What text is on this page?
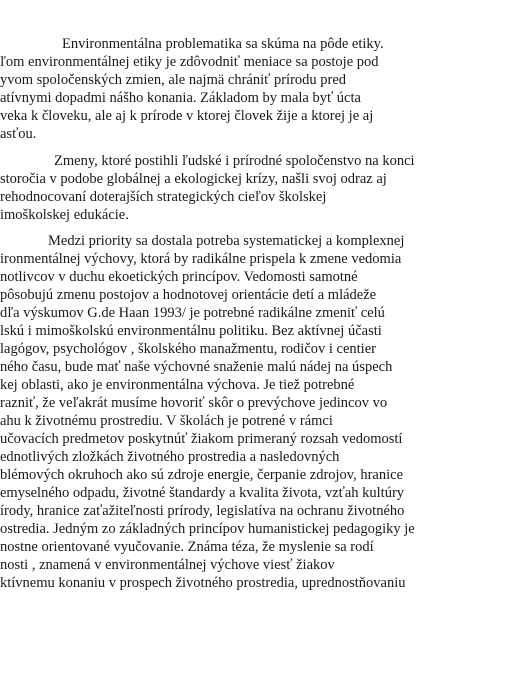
Environmentálna problematika sa skúma na pôde etiky.
ľom environmentálnej etiky je zdôvodniť meniace sa postoje pod
yvom spoločenských zmien, ale najmä chrániť prírodu pred
atívnymi dopadmi nášho konania. Základom by mala byť úcta
veka k človeku, ale aj k prírode v ktorej človek žije a ktorej je aj
asťou.
Zmeny, ktoré postihli ľudské i prírodné spoločenstvo na konci
storočia v podobe globálnej a ekologickej krízy, našli svoj odraz aj
rehodnocovaní doterajších strategických cieľov školskej
imoškolskej edukácie.
Medzi priority sa dostala potreba systematickej a komplexnej
ironmentálnej výchovy, ktorá by radikálne prispela k zmene vedomia
notlivcov v duchu ekoetických princípov. Vedomosti samotné
pôsobujú zmenu postojov a hodnotovej orientácie detí a mládeže
dľa výskumov G.de Haan 1993/ je potrebné radikálne zmeniť celú
lskú i mimoškolskú environmentálnu politiku. Bez aktívnej účasti
lagógov, psychológov , školského manažmentu, rodičov i centier
ného času, bude mať naše výchovné snaženie malú nádej na úspech
kej oblasti, ako je environmentálna výchova. Je tiež potrebné
razniť, že veľakrát musíme hovoriť skôr o prevýchove jedincov vo
ahu k životnému prostrediu. V školách je potrené v rámci
učovacích predmetov poskytnúť žiakom primeraný rozsah vedomostí
ednotlivých zložkách životného prostredia a nasledovných
blémových okruhoch ako sú zdroje energie, čerpanie zdrojov, hranice
emyselného odpadu, životné štandardy a kvalita života, vzťah kultúry
írody, hranice zaťažiteľnosti prírody, legislatíva na ochranu životného
ostredia. Jedným zo základných princípov humanistickej pedagogiky je
nostne orientované vyučovanie. Známa téza, že myslenie sa rodí
nosti , znamená v environmentálnej výchove viesť žiakov
ktívnemu konaniu v prospech životného prostredia, uprednostňovaniu
